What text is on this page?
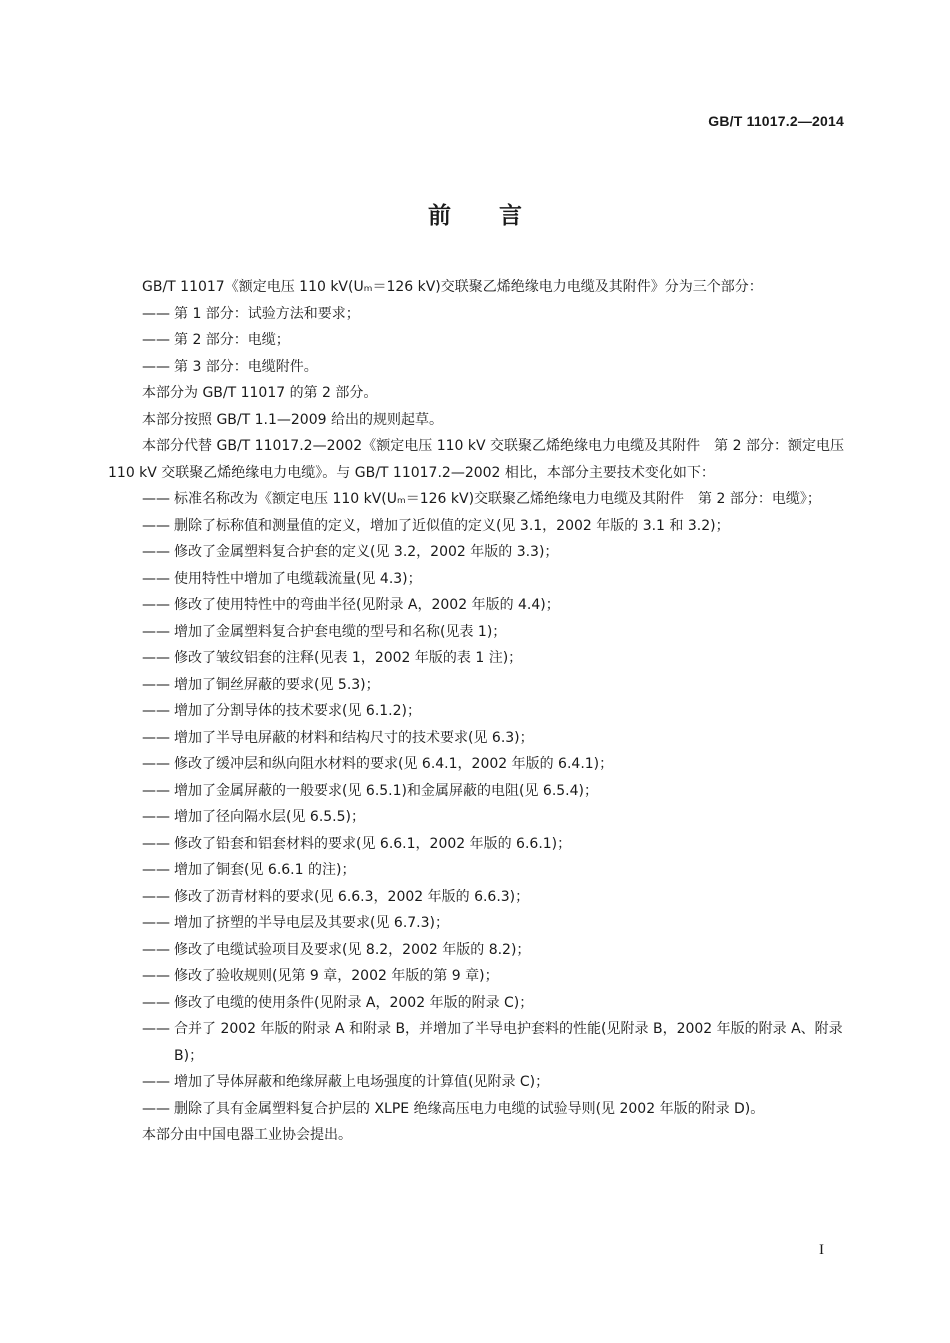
GB/T 11017.2—2014
前言

GB/T 11017《额定电压 110 kV(Uₘ＝126 kV)交联聚乙烯绝缘电力电缆及其附件》分为三个部分：

—— 第 1 部分：试验方法和要求；
—— 第 2 部分：电缆；
—— 第 3 部分：电缆附件。

本部分为 GB/T 11017 的第 2 部分。

本部分按照 GB/T 1.1—2009 给出的规则起草。

本部分代替 GB/T 11017.2—2002《额定电压 110 kV 交联聚乙烯绝缘电力电缆及其附件　第 2 部分：额定电压 110 kV 交联聚乙烯绝缘电力电缆》。与 GB/T 11017.2—2002 相比，本部分主要技术变化如下：

—— 标准名称改为《额定电压 110 kV(Uₘ＝126 kV)交联聚乙烯绝缘电力电缆及其附件　第 2 部分：电缆》；
—— 删除了标称值和测量值的定义，增加了近似值的定义(见 3.1，2002 年版的 3.1 和 3.2)；
—— 修改了金属塑料复合护套的定义(见 3.2，2002 年版的 3.3)；
—— 使用特性中增加了电缆载流量(见 4.3)；
—— 修改了使用特性中的弯曲半径(见附录 A，2002 年版的 4.4)；
—— 增加了金属塑料复合护套电缆的型号和名称(见表 1)；
—— 修改了皱纹铝套的注释(见表 1，2002 年版的表 1 注)；
—— 增加了铜丝屏蔽的要求(见 5.3)；
—— 增加了分割导体的技术要求(见 6.1.2)；
—— 增加了半导电屏蔽的材料和结构尺寸的技术要求(见 6.3)；
—— 修改了缓冲层和纵向阻水材料的要求(见 6.4.1，2002 年版的 6.4.1)；
—— 增加了金属屏蔽的一般要求(见 6.5.1)和金属屏蔽的电阻(见 6.5.4)；
—— 增加了径向隔水层(见 6.5.5)；
—— 修改了铅套和铝套材料的要求(见 6.6.1，2002 年版的 6.6.1)；
—— 增加了铜套(见 6.6.1 的注)；
—— 修改了沥青材料的要求(见 6.6.3，2002 年版的 6.6.3)；
—— 增加了挤塑的半导电层及其要求(见 6.7.3)；
—— 修改了电缆试验项目及要求(见 8.2，2002 年版的 8.2)；
—— 修改了验收规则(见第 9 章，2002 年版的第 9 章)；
—— 修改了电缆的使用条件(见附录 A，2002 年版的附录 C)；
—— 合并了 2002 年版的附录 A 和附录 B，并增加了半导电护套料的性能(见附录 B，2002 年版的附录 A、附录 B)；
—— 增加了导体屏蔽和绝缘屏蔽上电场强度的计算值(见附录 C)；
—— 删除了具有金属塑料复合护层的 XLPE 绝缘高压电力电缆的试验导则(见 2002 年版的附录 D)。

本部分由中国电器工业协会提出。

I
